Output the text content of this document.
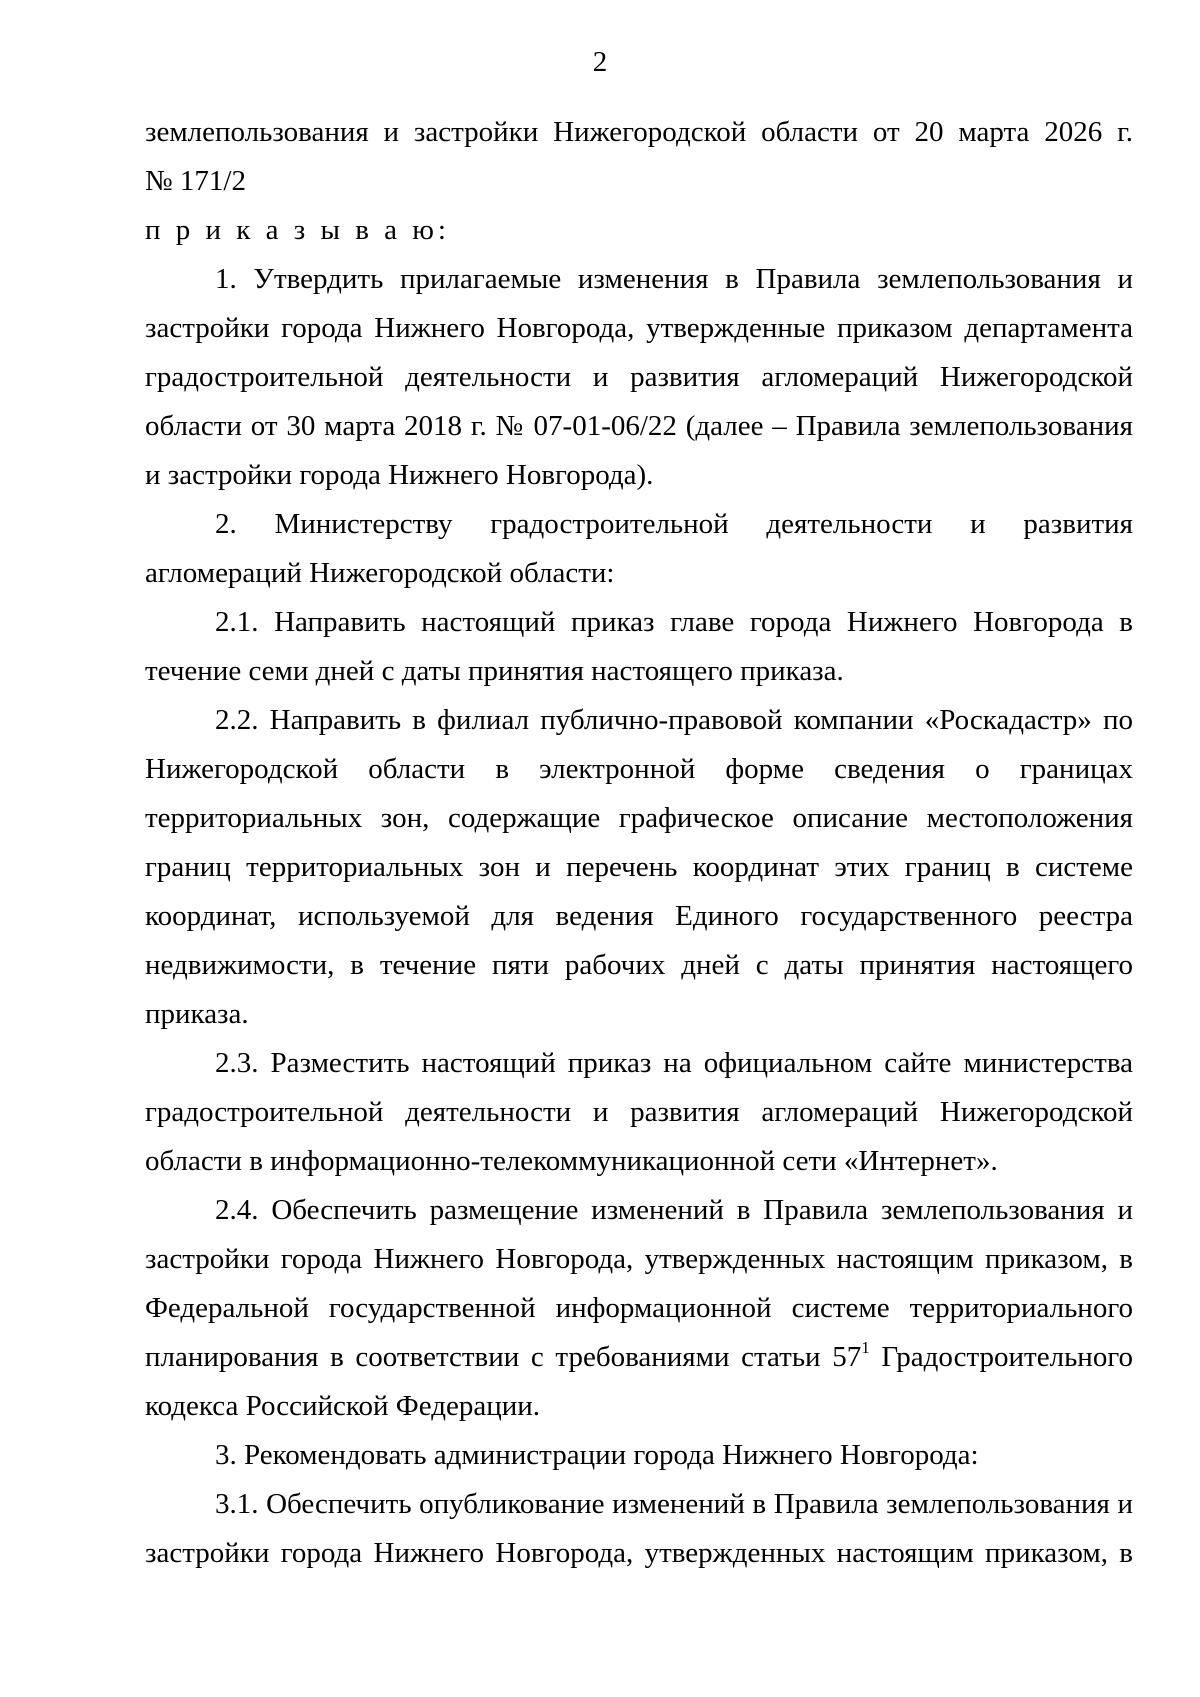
2

землепользования и застройки Нижегородской области от 20 марта 2026 г.

№ 171/2

п р и к а з ы в а ю:

1. Утвердить прилагаемые изменения в Правила землепользования и застройки города Нижнего Новгорода, утвержденные приказом департамента градостроительной деятельности и развития агломераций Нижегородской области от 30 марта 2018 г. № 07-01-06/22 (далее – Правила землепользования и застройки города Нижнего Новгорода).

2. Министерству градостроительной деятельности и развития агломераций Нижегородской области:

2.1. Направить настоящий приказ главе города Нижнего Новгорода в течение семи дней с даты принятия настоящего приказа.

2.2. Направить в филиал публично-правовой компании «Роскадастр» по Нижегородской области в электронной форме сведения о границах территориальных зон, содержащие графическое описание местоположения границ территориальных зон и перечень координат этих границ в системе координат, используемой для ведения Единого государственного реестра недвижимости, в течение пяти рабочих дней с даты принятия настоящего приказа.

2.3. Разместить настоящий приказ на официальном сайте министерства градостроительной деятельности и развития агломераций Нижегородской области в информационно-телекоммуникационной сети «Интернет».

2.4. Обеспечить размещение изменений в Правила землепользования и застройки города Нижнего Новгорода, утвержденных настоящим приказом, в Федеральной государственной информационной системе территориального планирования в соответствии с требованиями статьи $57^1$ Градостроительного кодекса Российской Федерации.

3. Рекомендовать администрации города Нижнего Новгорода:

3.1. Обеспечить опубликование изменений в Правила землепользования и застройки города Нижнего Новгорода, утвержденных настоящим приказом, в
